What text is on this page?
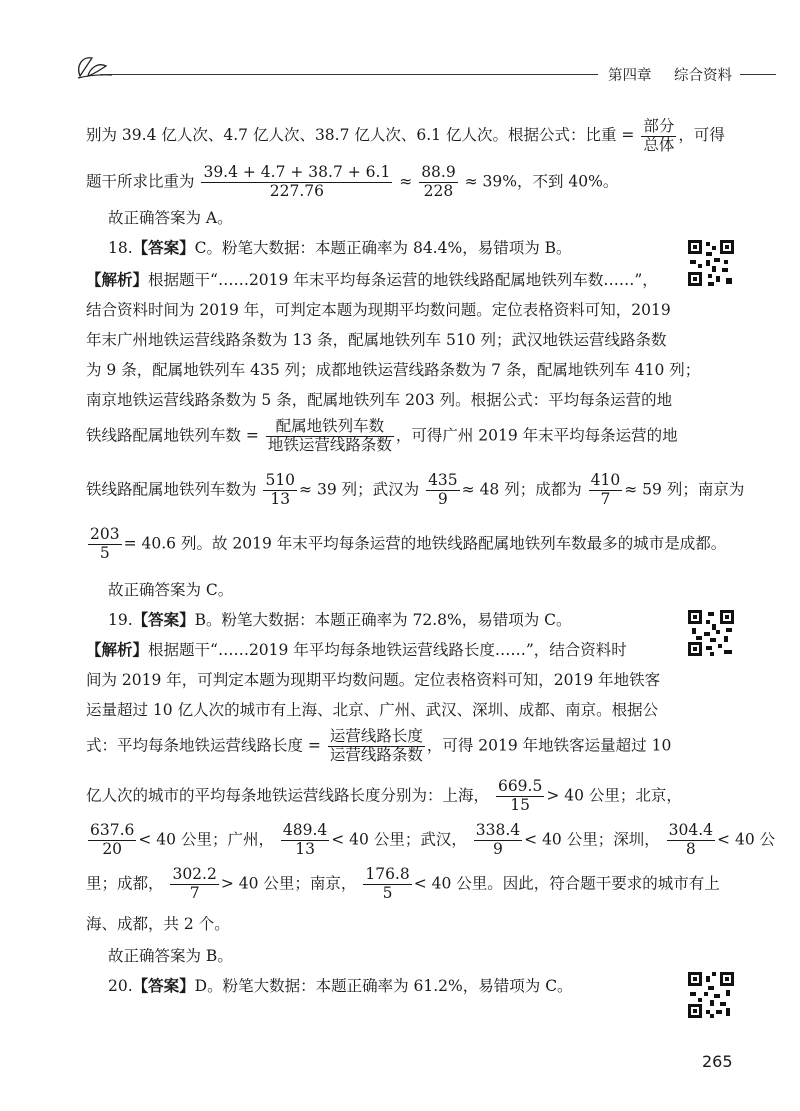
第四章	综合资料
别为 39.4 亿人次、4.7 亿人次、38.7 亿人次、6.1 亿人次。根据公式：比重 = $\frac{\text{部分}}{\text{总体}}$ ，可得
题干所求比重为 $\frac{39.4 + 4.7 + 38.7 + 6.1}{227.76} \approx \frac{88.9}{228} \approx 39\%$，不到 40%。
故正确答案为 A。
18.【答案】C。粉笔大数据：本题正确率为 84.4%，易错项为 B。
【解析】根据题干“……2019 年末平均每条运营的地铁线路配属地铁列车数……”，
结合资料时间为 2019 年，可判定本题为现期平均数问题。定位表格资料可知，2019
年末广州地铁运营线路条数为 13 条，配属地铁列车 510 列；武汉地铁运营线路条数
为 9 条，配属地铁列车 435 列；成都地铁运营线路条数为 7 条，配属地铁列车 410 列；
南京地铁运营线路条数为 5 条，配属地铁列车 203 列。根据公式：平均每条运营的地
铁线路配属地铁列车数 = $\frac{\text{配属地铁列车数}}{\text{地铁运营线路条数}}$ ，可得广州 2019 年末平均每条运营的地
铁线路配属地铁列车数为 $\frac{510}{13} \approx 39$ 列；武汉为 $\frac{435}{9} \approx 48$ 列；成都为 $\frac{410}{7} \approx 59$ 列；南京为
$\frac{203}{5} = 40.6$ 列。故 2019 年末平均每条运营的地铁线路配属地铁列车数最多的城市是成都。
故正确答案为 C。
19.【答案】B。粉笔大数据：本题正确率为 72.8%，易错项为 C。
【解析】根据题干“……2019 年平均每条地铁运营线路长度……”，结合资料时
间为 2019 年，可判定本题为现期平均数问题。定位表格资料可知，2019 年地铁客
运量超过 10 亿人次的城市有上海、北京、广州、武汉、深圳、成都、南京。根据公
式：平均每条地铁运营线路长度 = $\frac{\text{运营线路长度}}{\text{运营线路条数}}$ ，可得 2019 年地铁客运量超过 10
亿人次的城市的平均每条地铁运营线路长度分别为：上海， $\frac{669.5}{15} > 40$ 公里；北京，
$\frac{637.6}{20} < 40$ 公里；广州， $\frac{489.4}{13} < 40$ 公里；武汉， $\frac{338.4}{9} < 40$ 公里；深圳， $\frac{304.4}{8} < 40$ 公
里；成都， $\frac{302.2}{7} > 40$ 公里；南京， $\frac{176.8}{5} < 40$ 公里。因此，符合题干要求的城市有上
海、成都，共 2 个。
故正确答案为 B。
20.【答案】D。粉笔大数据：本题正确率为 61.2%，易错项为 C。
265
